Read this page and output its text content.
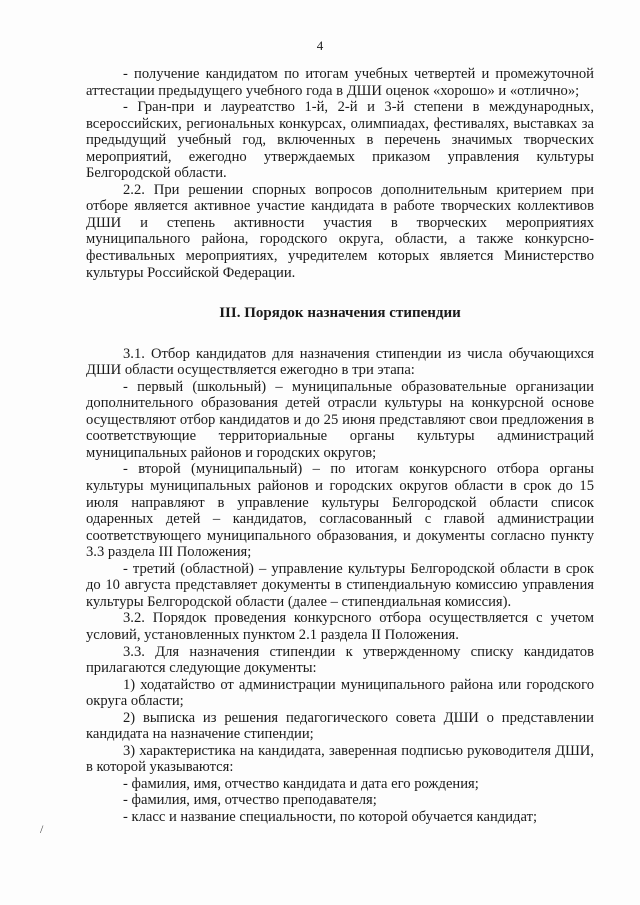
4

- получение кандидатом по итогам учебных четвертей и промежуточной аттестации предыдущего учебного года в ДШИ оценок «хорошо» и «отлично»;

- Гран-при и лауреатство 1-й, 2-й и 3-й степени в международных, всероссийских, региональных конкурсах, олимпиадах, фестивалях, выставках за предыдущий учебный год, включенных в перечень значимых творческих мероприятий, ежегодно утверждаемых приказом управления культуры Белгородской области.

2.2. При решении спорных вопросов дополнительным критерием при отборе является активное участие кандидата в работе творческих коллективов ДШИ и степень активности участия в творческих мероприятиях муниципального района, городского округа, области, а также конкурсно-фестивальных мероприятиях, учредителем которых является Министерство культуры Российской Федерации.

III. Порядок назначения стипендии

3.1. Отбор кандидатов для назначения стипендии из числа обучающихся ДШИ области осуществляется ежегодно в три этапа:

- первый (школьный) – муниципальные образовательные организации дополнительного образования детей отрасли культуры на конкурсной основе осуществляют отбор кандидатов и до 25 июня представляют свои предложения в соответствующие территориальные органы культуры администраций муниципальных районов и городских округов;

- второй (муниципальный) – по итогам конкурсного отбора органы культуры муниципальных районов и городских округов области в срок до 15 июля направляют в управление культуры Белгородской области список одаренных детей – кандидатов, согласованный с главой администрации соответствующего муниципального образования, и документы согласно пункту 3.3 раздела III Положения;

- третий (областной) – управление культуры Белгородской области в срок до 10 августа представляет документы в стипендиальную комиссию управления культуры Белгородской области (далее – стипендиальная комиссия).

3.2. Порядок проведения конкурсного отбора осуществляется с учетом условий, установленных пунктом 2.1 раздела II Положения.

3.3. Для назначения стипендии к утвержденному списку кандидатов прилагаются следующие документы:

1) ходатайство от администрации муниципального района или городского округа области;

2) выписка из решения педагогического совета ДШИ о представлении кандидата на назначение стипендии;

3) характеристика на кандидата, заверенная подписью руководителя ДШИ, в которой указываются:

- фамилия, имя, отчество кандидата и дата его рождения;

- фамилия, имя, отчество преподавателя;

- класс и название специальности, по которой обучается кандидат;

/
